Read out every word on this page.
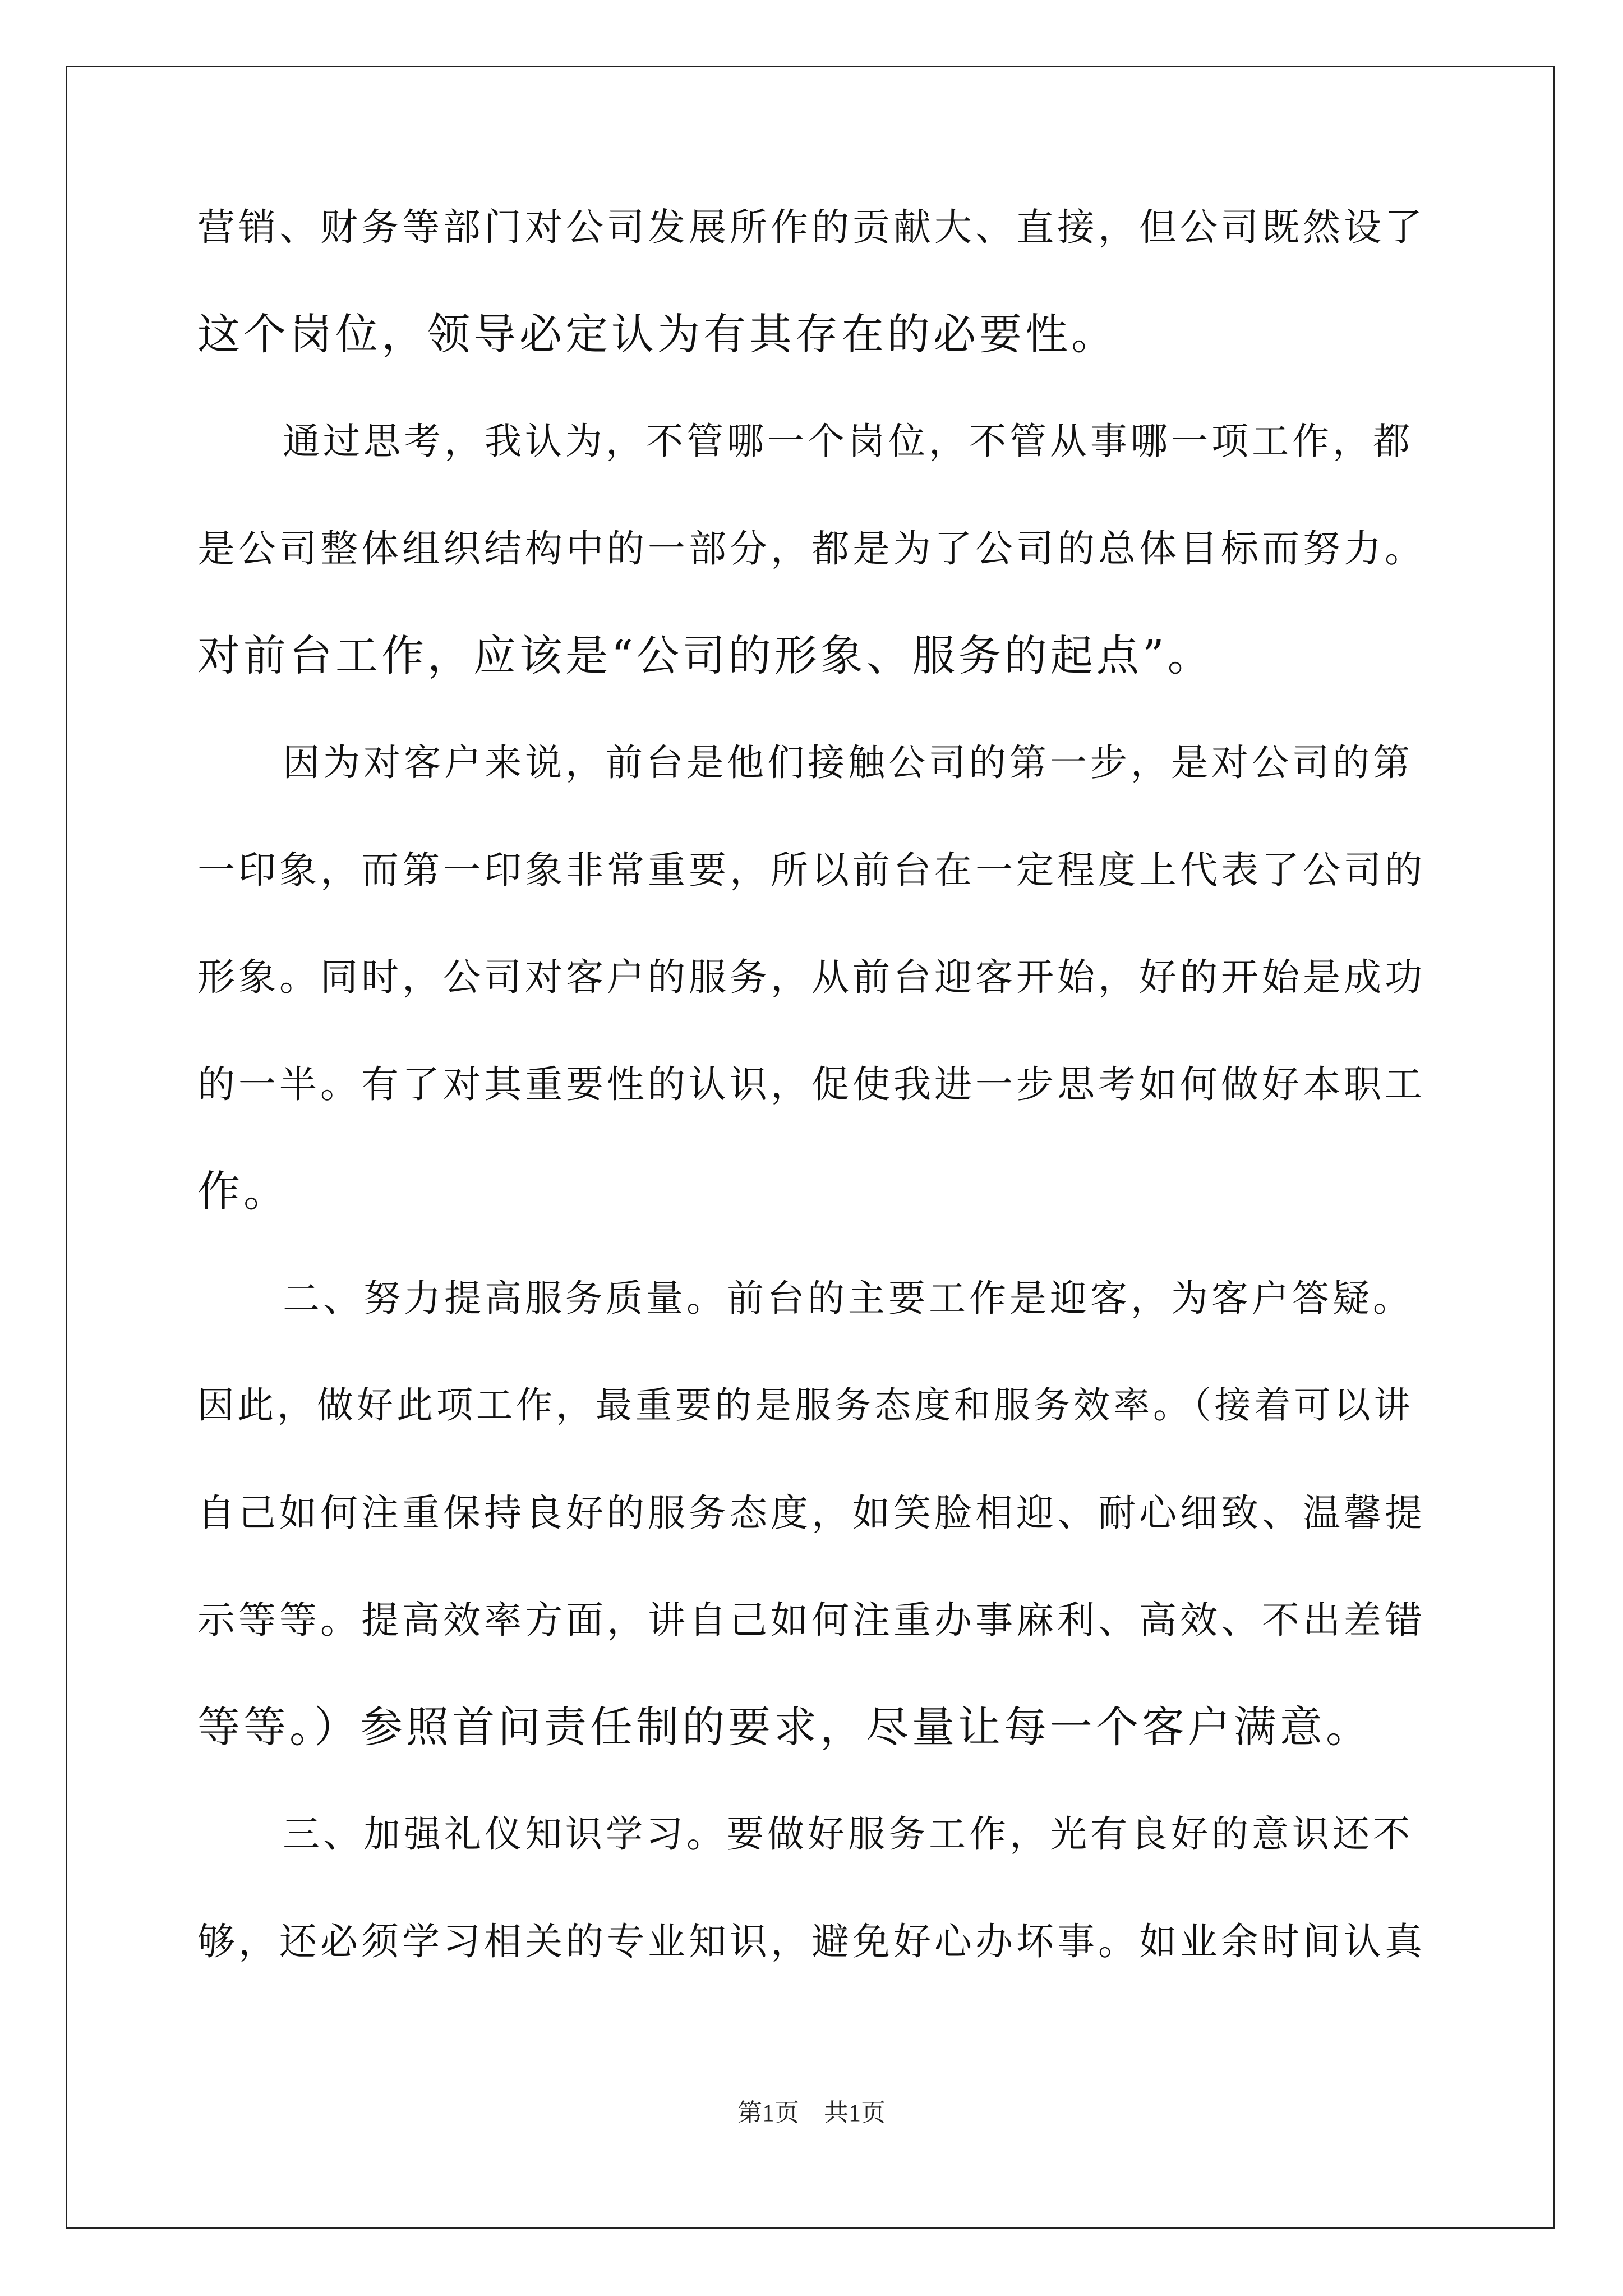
营销、财务等部门对公司发展所作的贡献大、直接，但公司既然设了
这个岗位，领导必定认为有其存在的必要性。
通过思考，我认为，不管哪一个岗位，不管从事哪一项工作，都
是公司整体组织结构中的一部分，都是为了公司的总体目标而努力。
对前台工作，应该是“公司的形象、服务的起点”。
因为对客户来说，前台是他们接触公司的第一步，是对公司的第
一印象，而第一印象非常重要，所以前台在一定程度上代表了公司的
形象。同时，公司对客户的服务，从前台迎客开始，好的开始是成功
的一半。有了对其重要性的认识，促使我进一步思考如何做好本职工
作。
二、努力提高服务质量。前台的主要工作是迎客，为客户答疑。
因此，做好此项工作，最重要的是服务态度和服务效率。（接着可以讲
自己如何注重保持良好的服务态度，如笑脸相迎、耐心细致、温馨提
示等等。提高效率方面，讲自己如何注重办事麻利、高效、不出差错
等等。）参照首问责任制的要求，尽量让每一个客户满意。
三、加强礼仪知识学习。要做好服务工作，光有良好的意识还不
够，还必须学习相关的专业知识，避免好心办坏事。如业余时间认真
第1页　共1页
